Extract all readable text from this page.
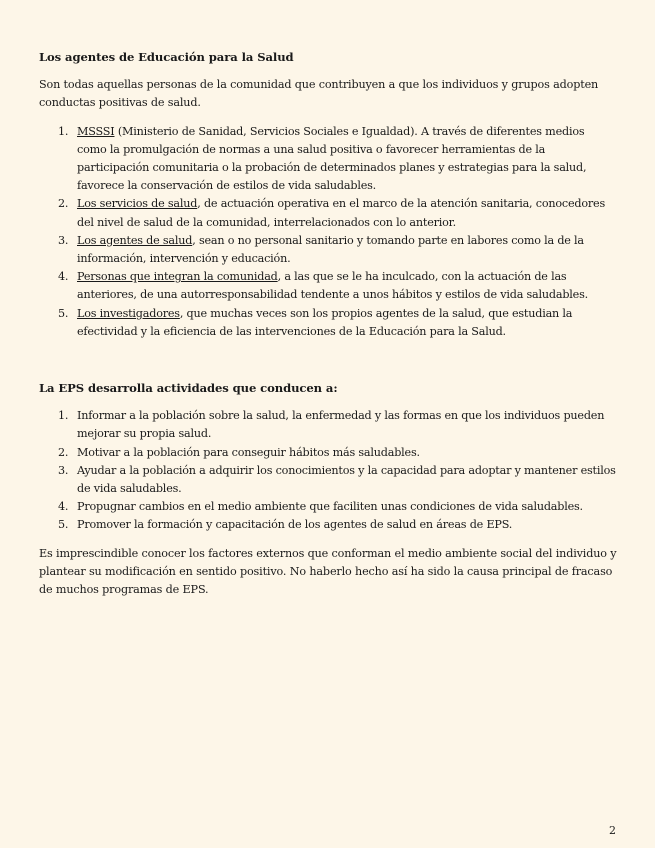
Los agentes de Educación para la Salud

Son todas aquellas personas de la comunidad que contribuyen a que los individuos y grupos adopten conductas positivas de salud.

1. MSSSI (Ministerio de Sanidad, Servicios Sociales e Igualdad). A través de diferentes medios como la promulgación de normas a una salud positiva o favorecer herramientas de la participación comunitaria o la probación de determinados planes y estrategias para la salud, favorece la conservación de estilos de vida saludables.
2. Los servicios de salud, de actuación operativa en el marco de la atención sanitaria, conocedores del nivel de salud de la comunidad, interrelacionados con lo anterior.
3. Los agentes de salud, sean o no personal sanitario y tomando parte en labores como la de la información, intervención y educación.
4. Personas que integran la comunidad, a las que se le ha inculcado, con la actuación de las anteriores, de una autorresponsabilidad tendente a unos hábitos y estilos de vida saludables.
5. Los investigadores, que muchas veces son los propios agentes de la salud, que estudian la efectividad y la eficiencia de las intervenciones de la Educación para la Salud.

La EPS desarrolla actividades que conducen a:

1. Informar a la población sobre la salud, la enfermedad y las formas en que los individuos pueden mejorar su propia salud.
2. Motivar a la población para conseguir hábitos más saludables.
3. Ayudar a la población a adquirir los conocimientos y la capacidad para adoptar y mantener estilos de vida saludables.
4. Propugnar cambios en el medio ambiente que faciliten unas condiciones de vida saludables.
5. Promover la formación y capacitación de los agentes de salud en áreas de EPS.

Es imprescindible conocer los factores externos que conforman el medio ambiente social del individuo y plantear su modificación en sentido positivo. No haberlo hecho así ha sido la causa principal de fracaso de muchos programas de EPS.

2
